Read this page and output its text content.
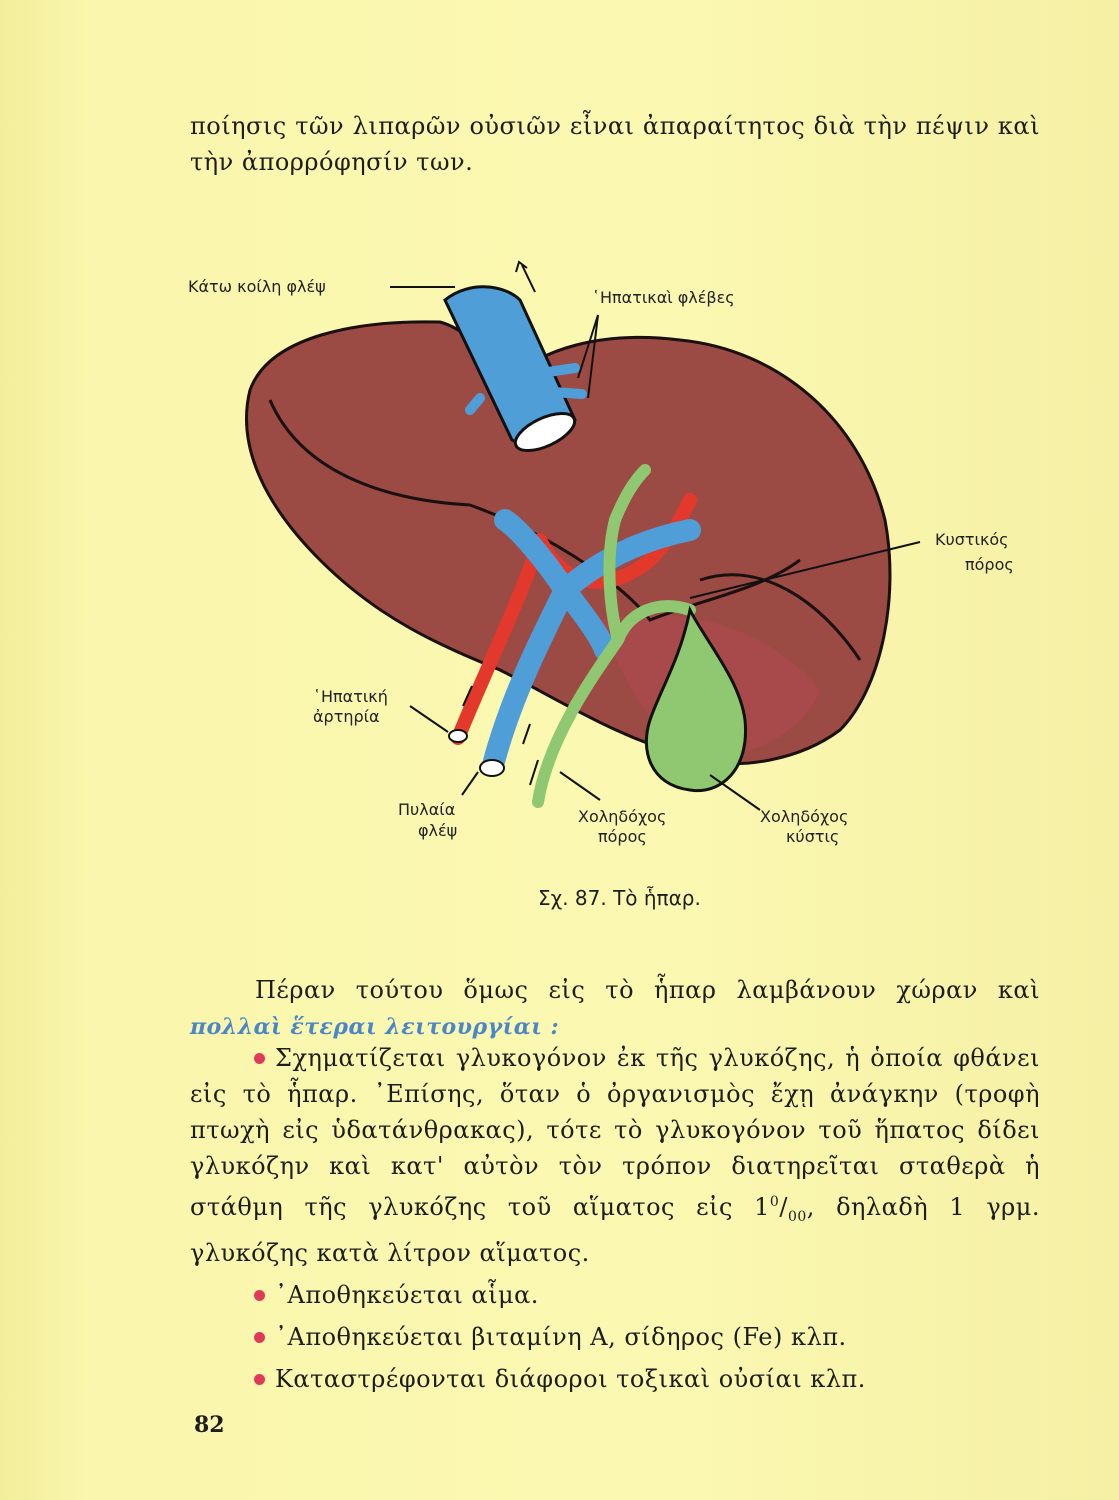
ποίησις τῶν λιπαρῶν οὐσιῶν εἶναι ἀπαραίτητος διὰ τὴν πέψιν καὶ τὴν ἀπορρόφησίν των.
Κάτω κοίλη φλέψ
῾Ηπατικαὶ φλέβες
Κυστικός
πόρος
῾Ηπατική
ἀρτηρία
Πυλαία
φλέψ
Χοληδόχος
πόρος
Χοληδόχος
κύστις
Σχ. 87. Τὸ ἧπαρ.
Πέραν τούτου ὅμως εἰς τὸ ἧπαρ λαμβάνουν χώραν καὶ πολλαὶ ἕτεραι λειτουργίαι :
Σχηματίζεται γλυκογόνον ἐκ τῆς γλυκόζης, ἡ ὁποία φθάνει εἰς τὸ ἧπαρ. ᾿Επίσης, ὅταν ὁ ὀργανισμὸς ἔχῃ ἀνάγκην (τροφὴ πτωχὴ εἰς ὑδατάνθρακας), τότε τὸ γλυκογόνον τοῦ ἥπατος δίδει γλυκόζην καὶ κατ' αὐτὸν τὸν τρόπον διατηρεῖται σταθερὰ ἡ στάθμη τῆς γλυκόζης τοῦ αἵματος εἰς $1^0/_{00}$, δηλαδὴ 1 γρμ. γλυκόζης κατὰ λίτρον αἵματος.
᾿Αποθηκεύεται αἷμα.
᾿Αποθηκεύεται βιταμίνη Α, σίδηρος (Fe) κλπ.
Καταστρέφονται διάφοροι τοξικαὶ οὐσίαι κλπ.
82
